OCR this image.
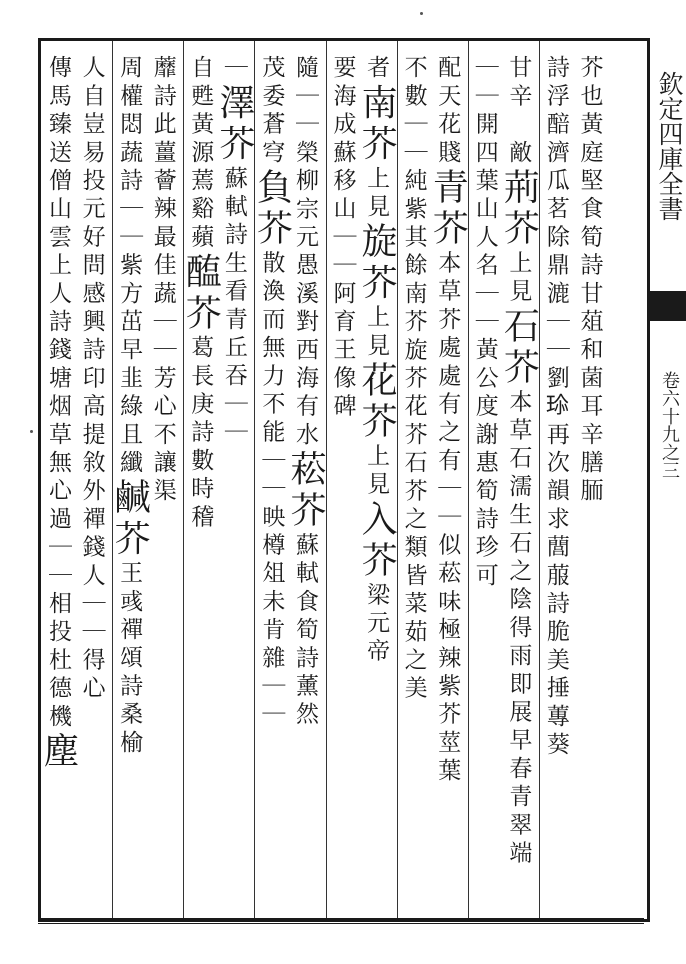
欽定四庫全書
卷六十九之三
芥也黃庭堅食筍詩甘葅和菌耳辛膳胹
詩浮醅濟瓜茗除鼎漉｜｜劉𤤽再次韻求䕡菔詩脆美捶蓴葵
甘辛　敵荊芥上見石芥本草石濡生石之陰得雨即展早春青翠端
｜｜開四葉山人名｜｜黃公度謝惠筍詩珍可
配天花賤青芥本草芥處處有之有｜｜似菘味極辣紫芥莖葉
不數｜｜純紫其餘南芥旋芥花芥石芥之類皆菜茹之美
者南芥上見旋芥上見花芥上見入芥梁元帝
要海成蘇移山｜｜阿育王像碑
隨｜｜榮柳宗元愚溪對西海有水菘芥蘇軾食筍詩薰然
茂委蒼穹負芥散渙而無力不能｜｜映樽俎未肯雜｜｜
｜澤芥蘇軾詩生看青丘吞｜｜
自甦黃源蔫谿蘋醢芥葛長庚詩數時稽
蘼詩此薑薈辣最佳蔬｜｜芳心不讓渠
周權悶蔬詩｜｜紫方茁早韭綠且纖鹹芥王彧禪頌詩桑榆
人自豈易投元好問感興詩印高提敘外禪錢人｜｜得心
傳馬臻送僧山雲上人詩錢塘烟草無心過｜｜相投杜德機塵
